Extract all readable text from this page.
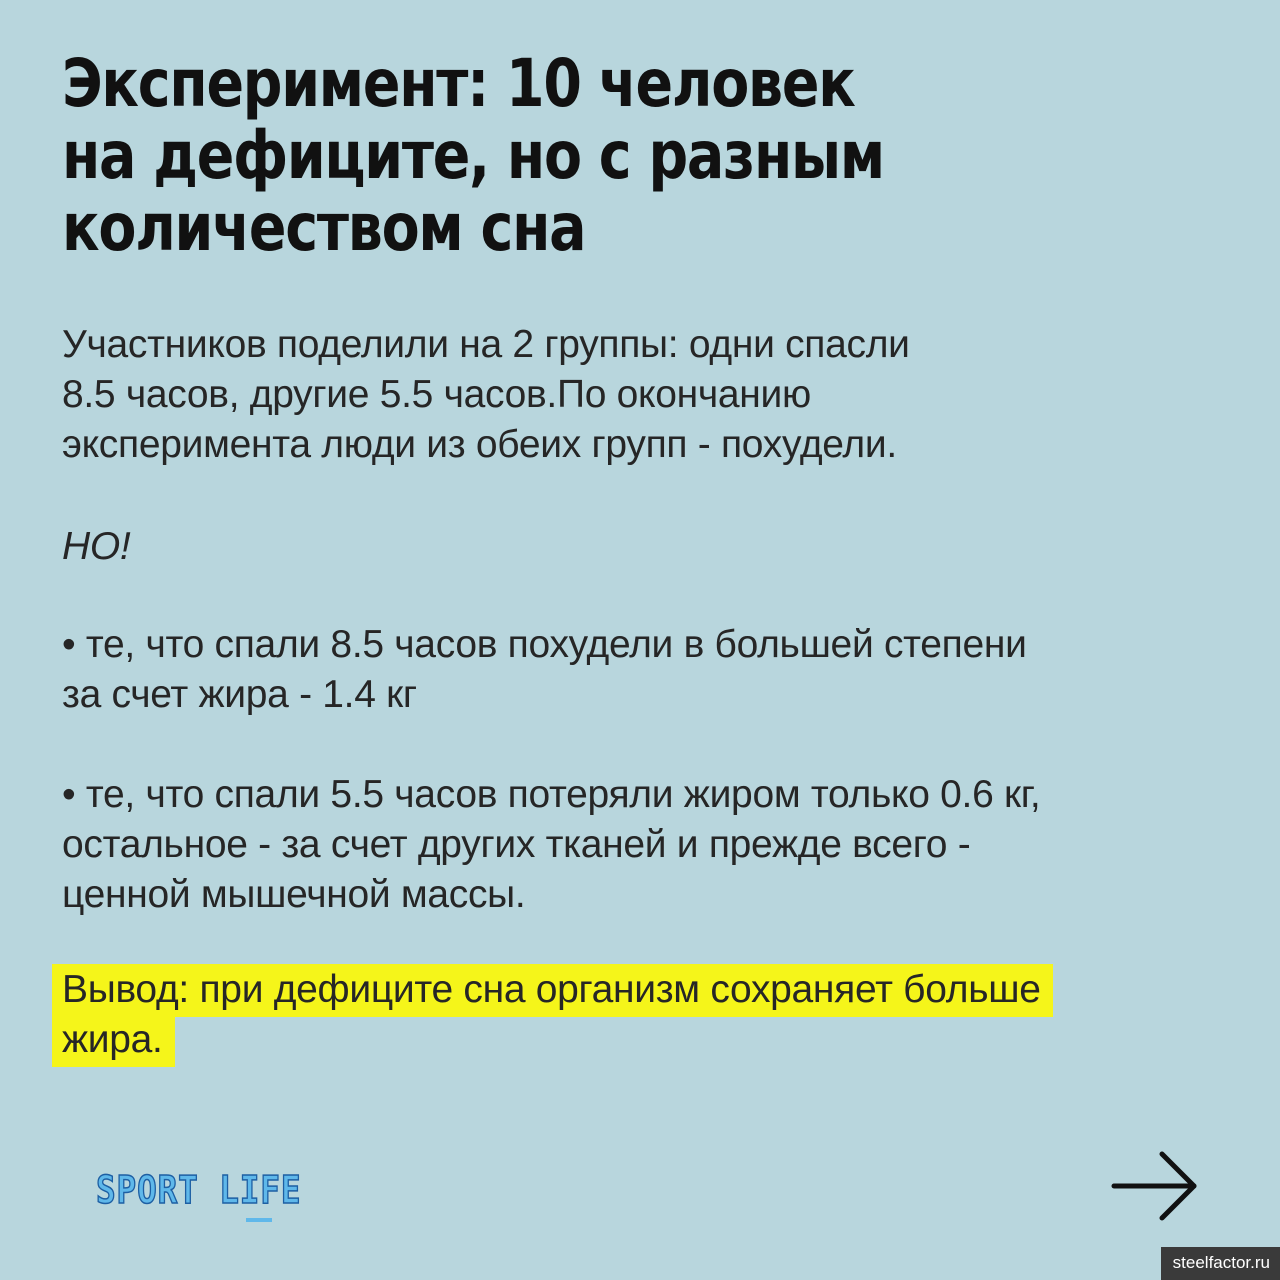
Эксперимент: 10 человек
на дефиците, но с разным
количеством сна
Участников поделили на 2 группы: одни спасли
8.5 часов, другие 5.5 часов.По окончанию
эксперимента люди из обеих групп - похудели.
НО!
• те, что спали 8.5 часов похудели в большей степени
за счет жира - 1.4 кг
• те, что спали 5.5 часов потеряли жиром только 0.6 кг,
остальное - за счет других тканей и прежде всего -
ценной мышечной массы.
Вывод: при дефиците сна организм сохраняет больше
жира.
SPORT LIFE
steelfactor.ru
